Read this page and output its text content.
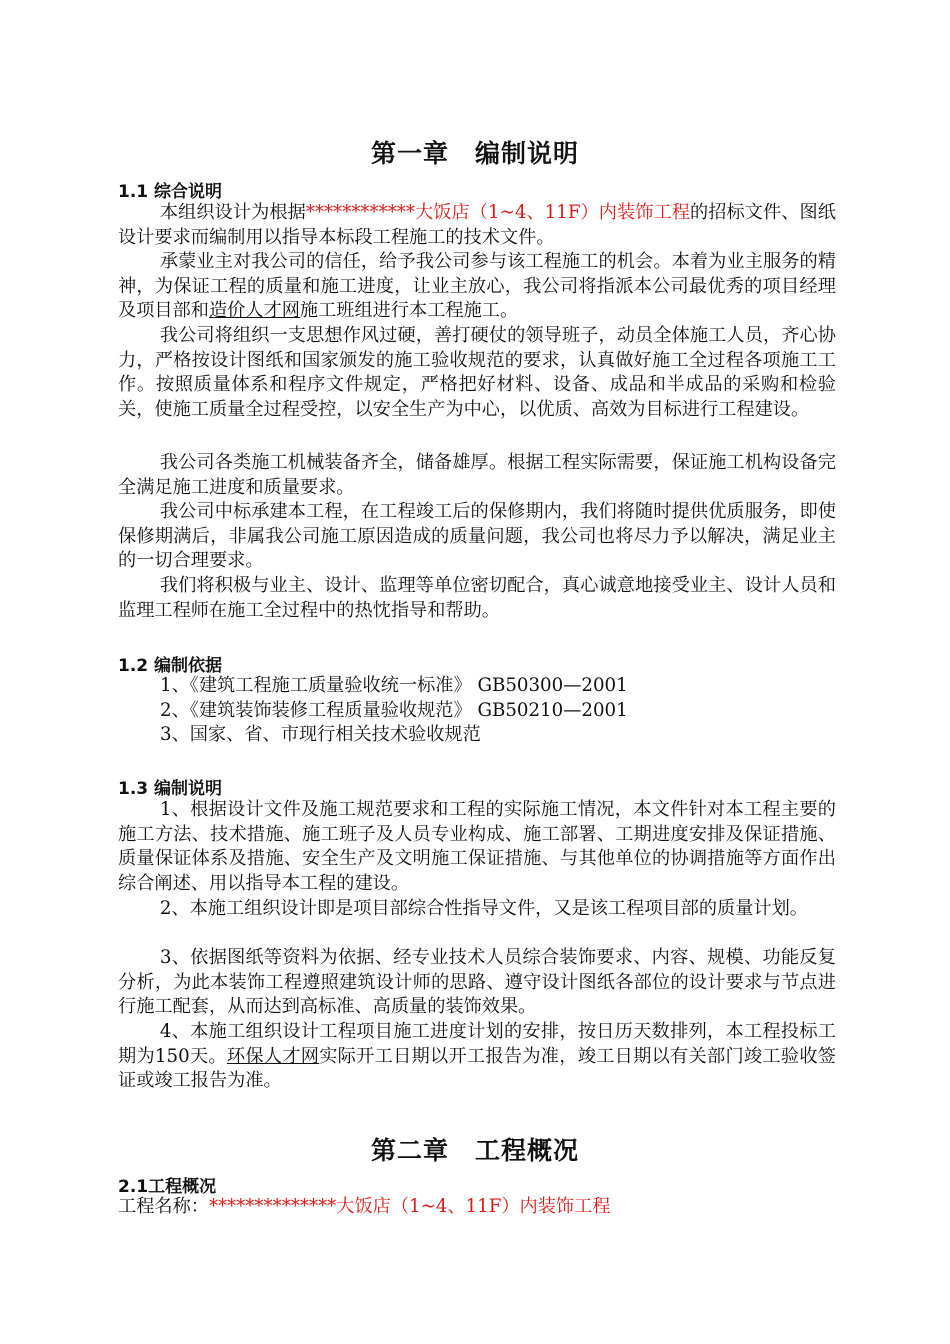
第一章　编制说明
1.1 综合说明

本组织设计为根据************大饭店（1~4、11F）内装饰工程的招标文件、图纸设计要求而编制用以指导本标段工程施工的技术文件。

承蒙业主对我公司的信任，给予我公司参与该工程施工的机会。本着为业主服务的精神，为保证工程的质量和施工进度，让业主放心，我公司将指派本公司最优秀的项目经理及项目部和造价人才网施工班组进行本工程施工。

我公司将组织一支思想作风过硬，善打硬仗的领导班子，动员全体施工人员，齐心协力，严格按设计图纸和国家颁发的施工验收规范的要求，认真做好施工全过程各项施工工作。按照质量体系和程序文件规定，严格把好材料、设备、成品和半成品的采购和检验关，使施工质量全过程受控，以安全生产为中心，以优质、高效为目标进行工程建设。

我公司各类施工机械装备齐全，储备雄厚。根据工程实际需要，保证施工机构设备完全满足施工进度和质量要求。

我公司中标承建本工程，在工程竣工后的保修期内，我们将随时提供优质服务，即使保修期满后，非属我公司施工原因造成的质量问题，我公司也将尽力予以解决，满足业主的一切合理要求。

我们将积极与业主、设计、监理等单位密切配合，真心诚意地接受业主、设计人员和监理工程师在施工全过程中的热忱指导和帮助。

1.2 编制依据

1、《建筑工程施工质量验收统一标准》 GB50300—2001

2、《建筑装饰装修工程质量验收规范》 GB50210—2001

3、国家、省、市现行相关技术验收规范

1.3 编制说明

1、根据设计文件及施工规范要求和工程的实际施工情况，本文件针对本工程主要的施工方法、技术措施、施工班子及人员专业构成、施工部署、工期进度安排及保证措施、质量保证体系及措施、安全生产及文明施工保证措施、与其他单位的协调措施等方面作出综合阐述、用以指导本工程的建设。

2、本施工组织设计即是项目部综合性指导文件，又是该工程项目部的质量计划。

3、依据图纸等资料为依据、经专业技术人员综合装饰要求、内容、规模、功能反复分析，为此本装饰工程遵照建筑设计师的思路、遵守设计图纸各部位的设计要求与节点进行施工配套，从而达到高标准、高质量的装饰效果。

4、本施工组织设计工程项目施工进度计划的安排，按日历天数排列，本工程投标工期为150天。环保人才网实际开工日期以开工报告为准，竣工日期以有关部门竣工验收签证或竣工报告为准。

第二章　工程概况
2.1工程概况

工程名称：**************大饭店（1~4、11F）内装饰工程
